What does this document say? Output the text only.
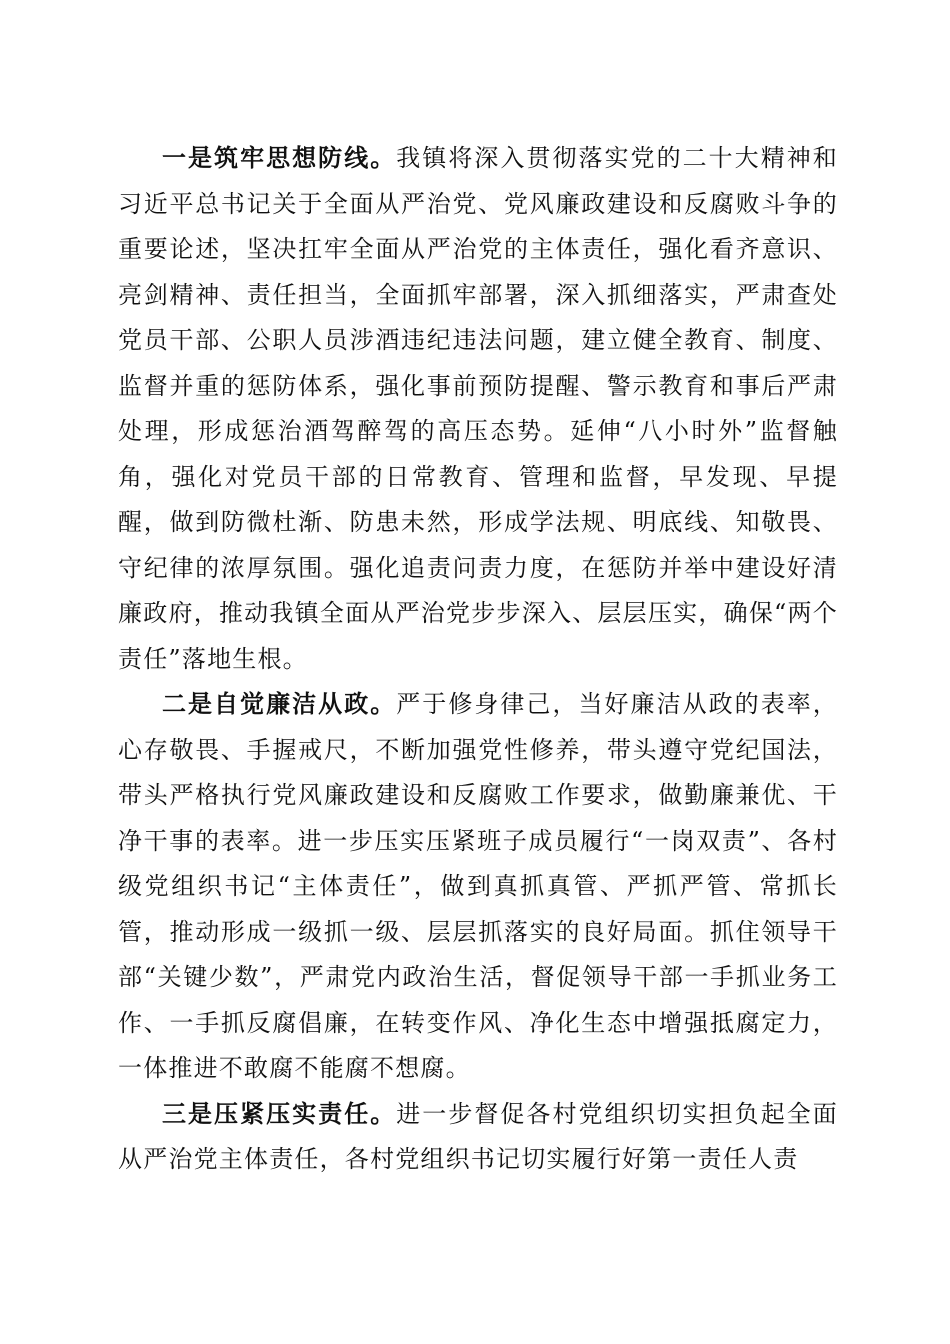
一是筑牢思想防线。我镇将深入贯彻落实党的二十大精神和习近平总书记关于全面从严治党、党风廉政建设和反腐败斗争的重要论述，坚决扛牢全面从严治党的主体责任，强化看齐意识、亮剑精神、责任担当，全面抓牢部署，深入抓细落实，严肃查处党员干部、公职人员涉酒违纪违法问题，建立健全教育、制度、监督并重的惩防体系，强化事前预防提醒、警示教育和事后严肃处理，形成惩治酒驾醉驾的高压态势。延伸“八小时外”监督触角，强化对党员干部的日常教育、管理和监督，早发现、早提醒，做到防微杜渐、防患未然，形成学法规、明底线、知敬畏、守纪律的浓厚氛围。强化追责问责力度，在惩防并举中建设好清廉政府，推动我镇全面从严治党步步深入、层层压实，确保“两个责任”落地生根。

二是自觉廉洁从政。严于修身律己，当好廉洁从政的表率，心存敬畏、手握戒尺，不断加强党性修养，带头遵守党纪国法，带头严格执行党风廉政建设和反腐败工作要求，做勤廉兼优、干净干事的表率。进一步压实压紧班子成员履行“一岗双责”、各村级党组织书记“主体责任”，做到真抓真管、严抓严管、常抓长管，推动形成一级抓一级、层层抓落实的良好局面。抓住领导干部“关键少数”，严肃党内政治生活，督促领导干部一手抓业务工作、一手抓反腐倡廉，在转变作风、净化生态中增强抵腐定力，一体推进不敢腐不能腐不想腐。

三是压紧压实责任。进一步督促各村党组织切实担负起全面从严治党主体责任，各村党组织书记切实履行好第一责任人责
